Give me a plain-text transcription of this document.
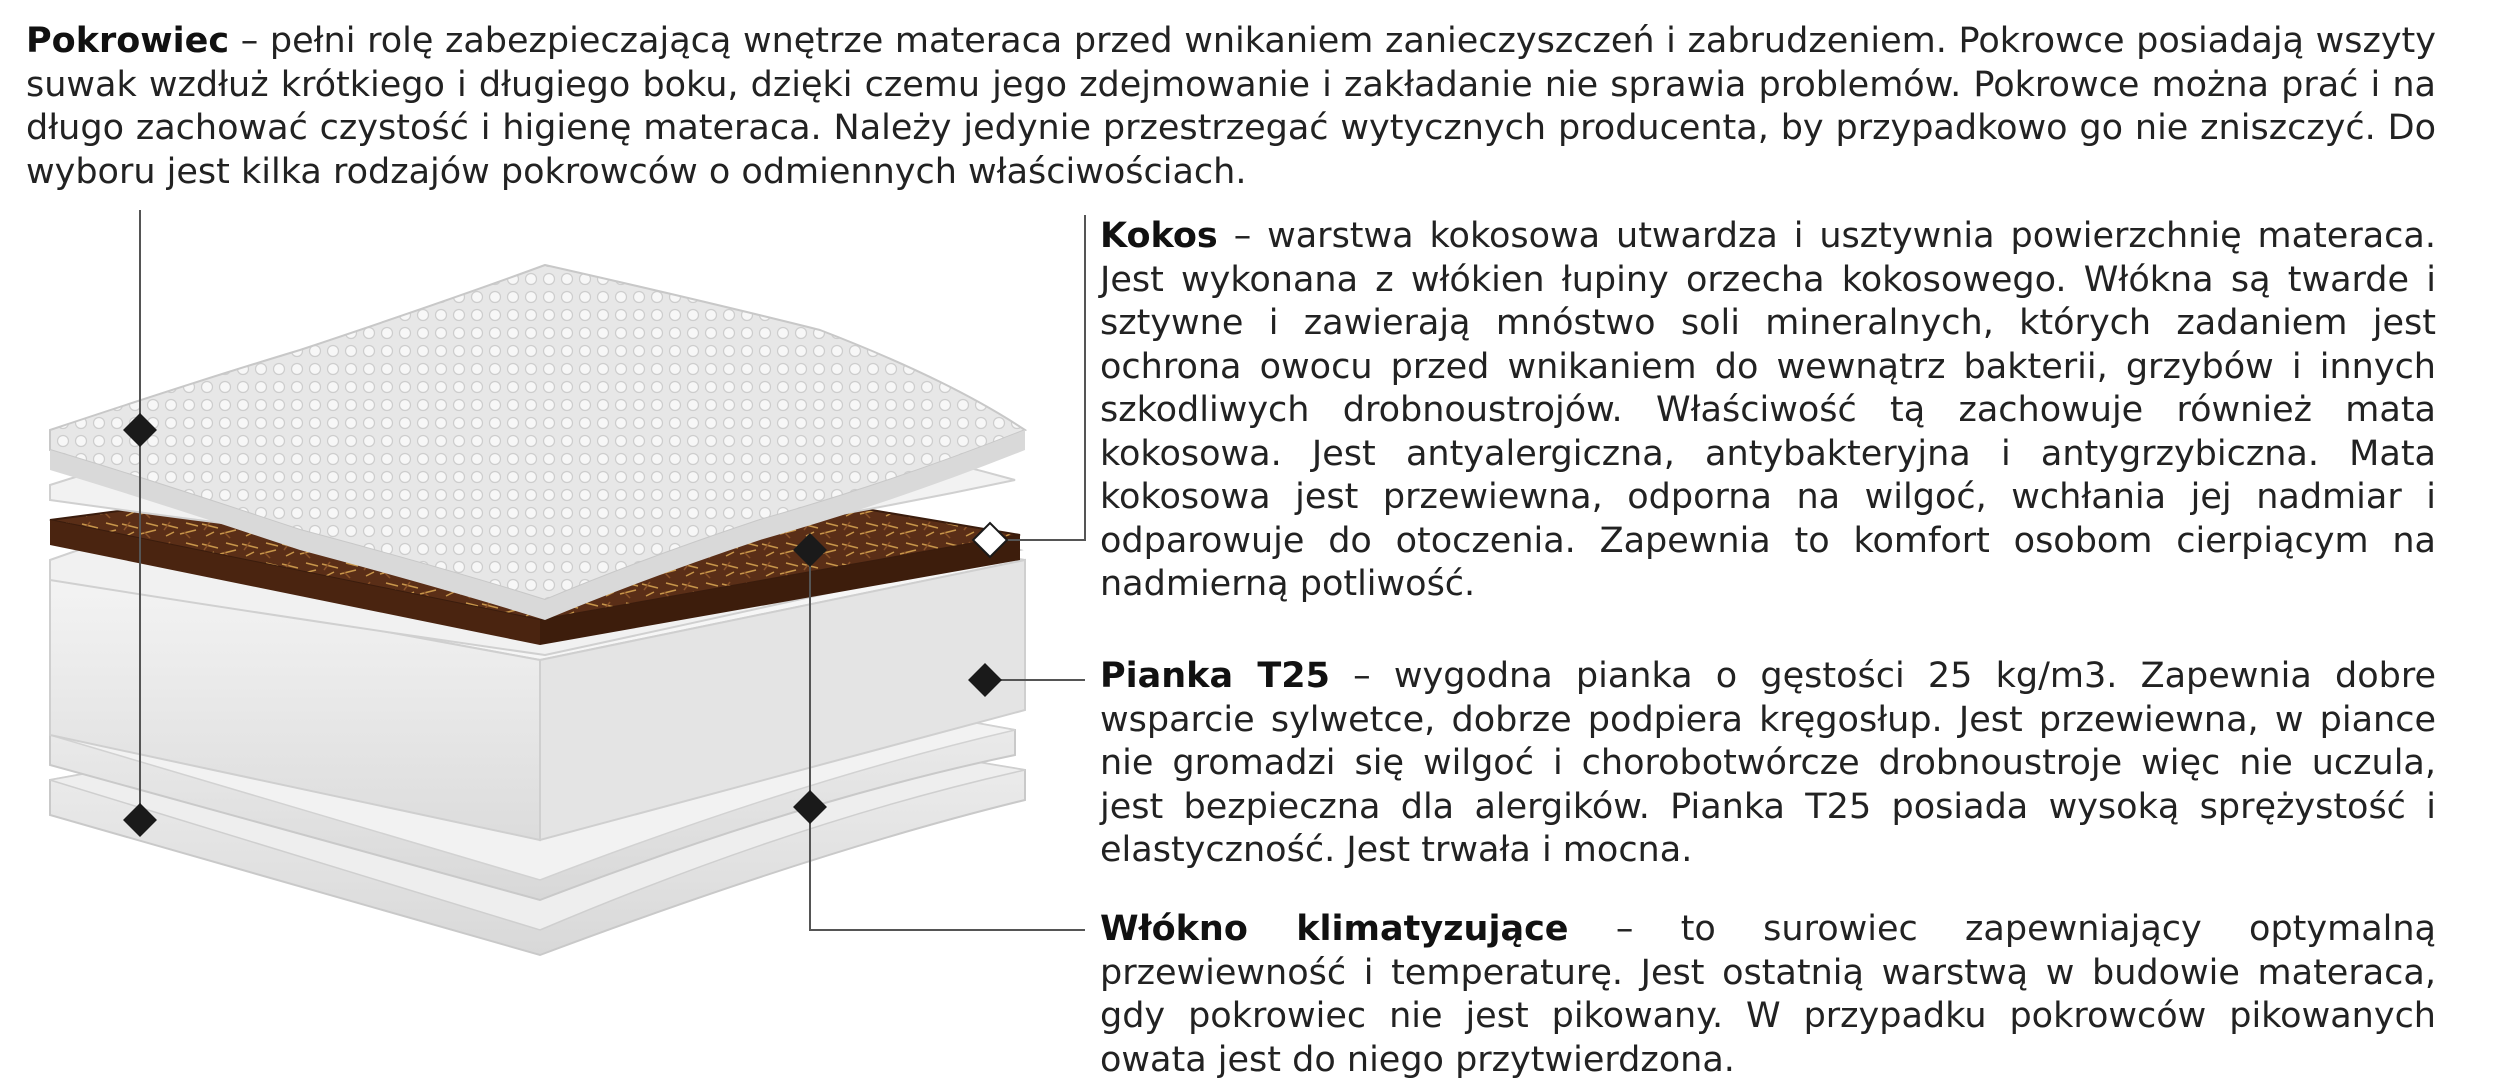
Pokrowiec – pełni rolę zabezpieczającą wnętrze materaca przed wnikaniem zanieczyszczeń i zabrudzeniem. Pokrowce posiadają wszyty suwak wzdłuż krótkiego i długiego boku, dzięki czemu jego zdejmowanie i zakładanie nie sprawia problemów. Pokrowce można prać i na długo zachować czystość i higienę materaca. Należy jedynie przestrzegać wytycznych producenta, by przypadkowo go nie zniszczyć. Do wyboru jest kilka rodzajów pokrowców o odmiennych właściwościach.
Kokos – warstwa kokosowa utwardza i usztywnia powierzchnię materaca. Jest wykonana z włókien łupiny orzecha kokosowego. Włókna są twarde i sztywne i zawierają mnóstwo soli mineralnych, których zadaniem jest ochrona owocu przed wnikaniem do wewnątrz bakterii, grzybów i innych szkodliwych drobnoustrojów. Właściwość tą zachowuje również mata kokosowa. Jest antyalergiczna, antybakteryjna i antygrzybiczna. Mata kokosowa jest przewiewna, odporna na wilgoć, wchłania jej nadmiar i odparowuje do otoczenia. Zapewnia to komfort osobom cierpiącym na nadmierną potliwość.
Pianka T25 – wygodna pianka o gęstości 25 kg/m3. Zapewnia dobre wsparcie sylwetce, dobrze podpiera kręgosłup. Jest przewiewna, w piance nie gromadzi się wilgoć i chorobotwórcze drobnoustroje więc nie uczula, jest bezpieczna dla alergików. Pianka T25 posiada wysoką sprężystość i elastyczność. Jest trwała i mocna.
Włókno klimatyzujące – to surowiec zapewniający optymalną przewiewność i temperaturę. Jest ostatnią warstwą w budowie materaca, gdy pokrowiec nie jest pikowany. W przypadku pokrowców pikowanych owata jest do niego przytwierdzona.
